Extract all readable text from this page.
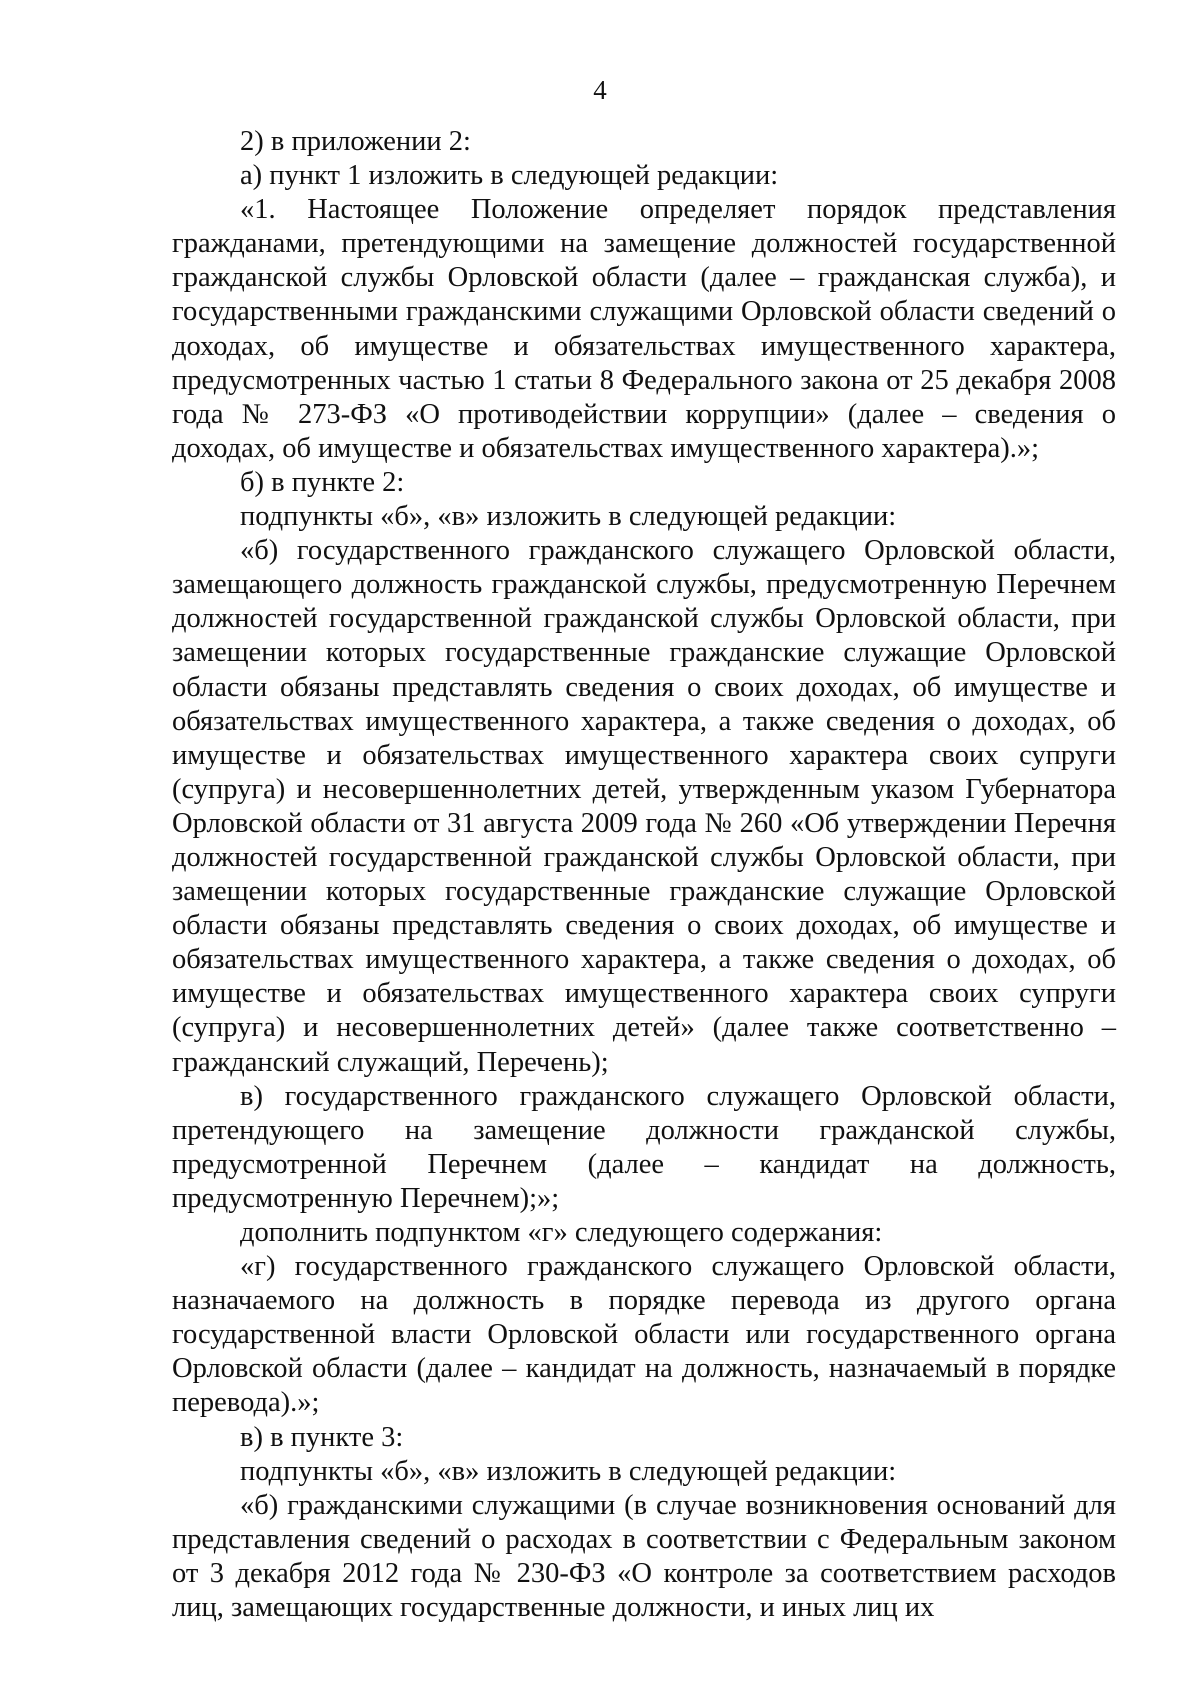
4

2) в приложении 2:

а) пункт 1 изложить в следующей редакции:

«1. Настоящее Положение определяет порядок представления гражданами, претендующими на замещение должностей государственной гражданской службы Орловской области (далее – гражданская служба), и государственными гражданскими служащими Орловской области сведений о доходах, об имуществе и обязательствах имущественного характера, предусмотренных частью 1 статьи 8 Федерального закона от 25 декабря 2008 года № 273-ФЗ «О противодействии коррупции» (далее – сведения о доходах, об имуществе и обязательствах имущественного характера).»;

б) в пункте 2:

подпункты «б», «в» изложить в следующей редакции:

«б) государственного гражданского служащего Орловской области, замещающего должность гражданской службы, предусмотренную Перечнем должностей государственной гражданской службы Орловской области, при замещении которых государственные гражданские служащие Орловской области обязаны представлять сведения о своих доходах, об имуществе и обязательствах имущественного характера, а также сведения о доходах, об имуществе и обязательствах имущественного характера своих супруги (супруга) и несовершеннолетних детей, утвержденным указом Губернатора Орловской области от 31 августа 2009 года № 260 «Об утверждении Перечня должностей государственной гражданской службы Орловской области, при замещении которых государственные гражданские служащие Орловской области обязаны представлять сведения о своих доходах, об имуществе и обязательствах имущественного характера, а также сведения о доходах, об имуществе и обязательствах имущественного характера своих супруги (супруга) и несовершеннолетних детей» (далее также соответственно – гражданский служащий, Перечень);

в) государственного гражданского служащего Орловской области, претендующего на замещение должности гражданской службы, предусмотренной Перечнем (далее – кандидат на должность, предусмотренную Перечнем);»;

дополнить подпунктом «г» следующего содержания:

«г) государственного гражданского служащего Орловской области, назначаемого на должность в порядке перевода из другого органа государственной власти Орловской области или государственного органа Орловской области (далее – кандидат на должность, назначаемый в порядке перевода).»;

в) в пункте 3:

подпункты «б», «в» изложить в следующей редакции:

«б) гражданскими служащими (в случае возникновения оснований для представления сведений о расходах в соответствии с Федеральным законом от 3 декабря 2012 года № 230-ФЗ «О контроле за соответствием расходов лиц, замещающих государственные должности, и иных лиц их
